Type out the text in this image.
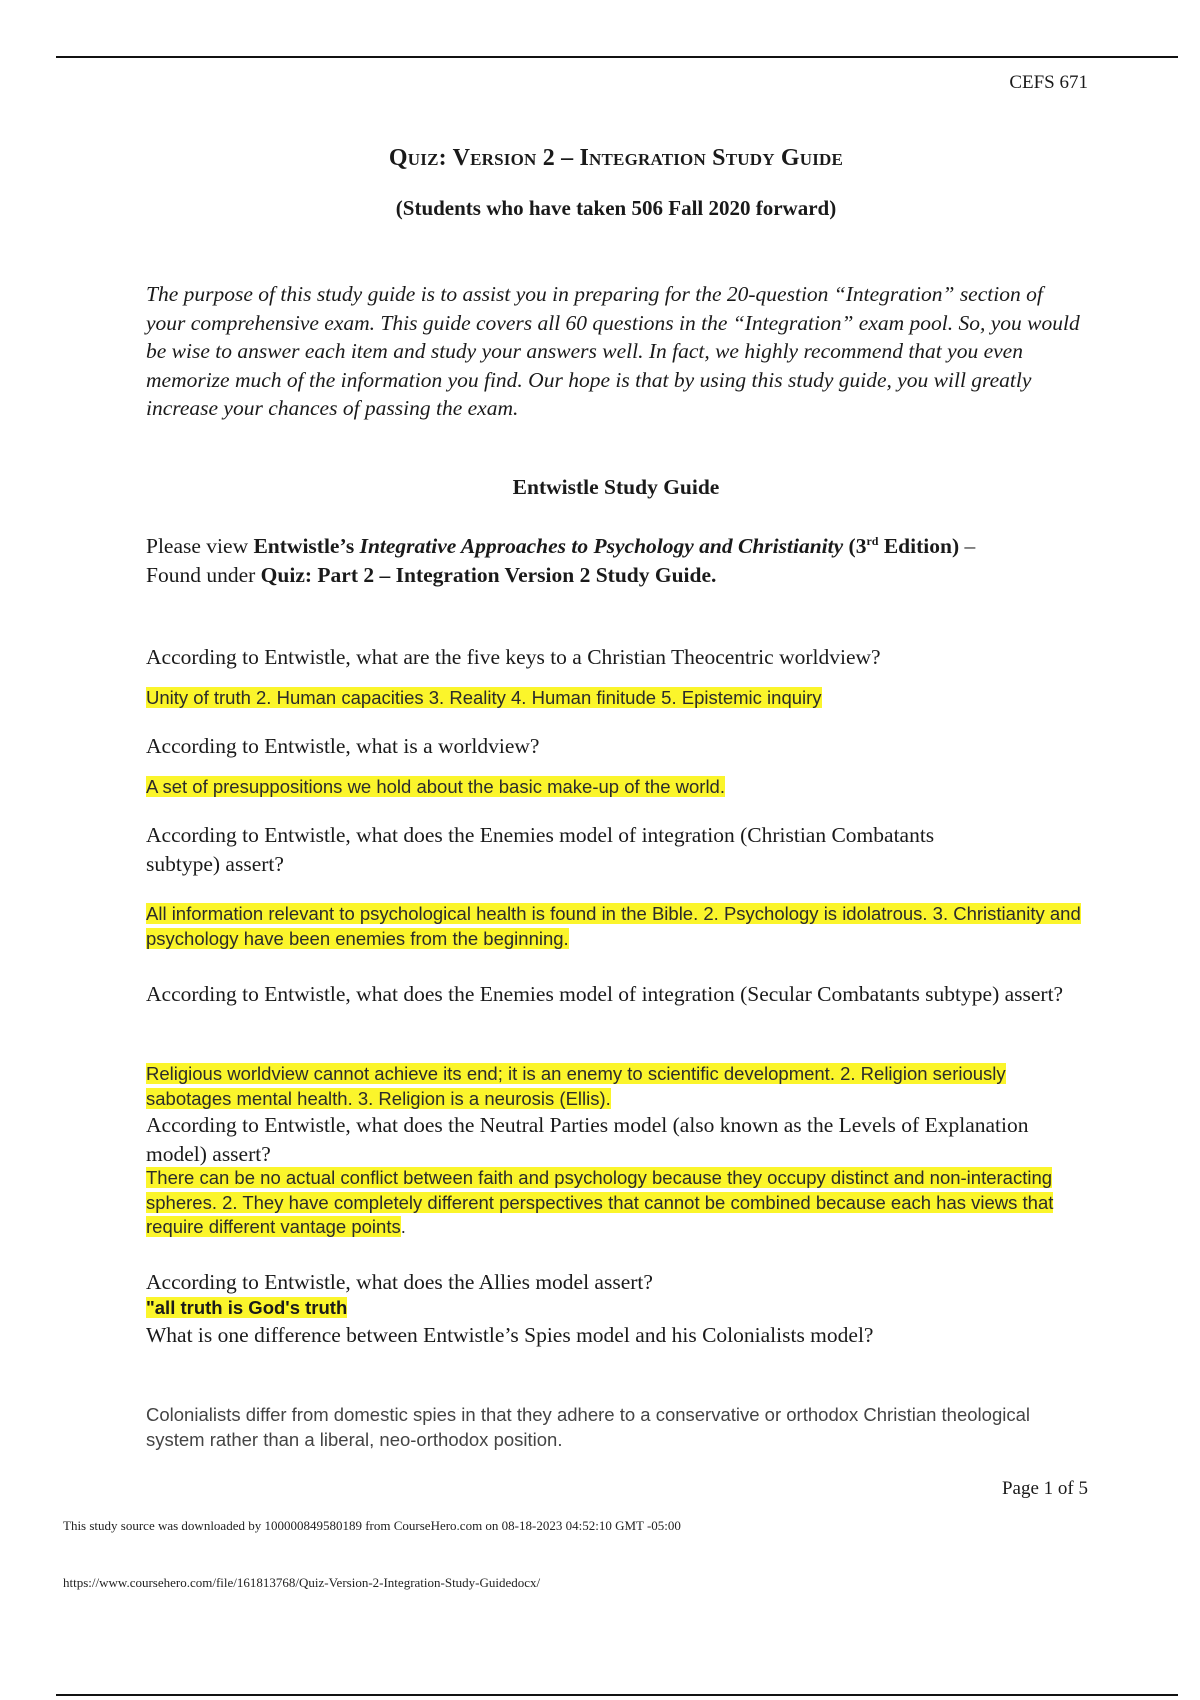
CEFS 671
Quiz: Version 2 – Integration Study Guide
(Students who have taken 506 Fall 2020 forward)

The purpose of this study guide is to assist you in preparing for the 20-question “Integration” section of your comprehensive exam. This guide covers all 60 questions in the “Integration” exam pool. So, you would be wise to answer each item and study your answers well. In fact, we highly recommend that you even memorize much of the information you find. Our hope is that by using this study guide, you will greatly increase your chances of passing the exam.

Entwistle Study Guide

Please view Entwistle’s Integrative Approaches to Psychology and Christianity (3rd Edition) –
Found under Quiz: Part 2 – Integration Version 2 Study Guide.

According to Entwistle, what are the five keys to a Christian Theocentric worldview?

Unity of truth 2. Human capacities 3. Reality 4. Human finitude 5. Epistemic inquiry

According to Entwistle, what is a worldview?

A set of presuppositions we hold about the basic make-up of the world.

According to Entwistle, what does the Enemies model of integration (Christian Combatants subtype) assert?

All information relevant to psychological health is found in the Bible. 2. Psychology is idolatrous. 3. Christianity and psychology have been enemies from the beginning.

According to Entwistle, what does the Enemies model of integration (Secular Combatants subtype) assert?

Religious worldview cannot achieve its end; it is an enemy to scientific development. 2. Religion seriously sabotages mental health. 3. Religion is a neurosis (Ellis).

According to Entwistle, what does the Neutral Parties model (also known as the Levels of Explanation model) assert?

There can be no actual conflict between faith and psychology because they occupy distinct and non-interacting spheres. 2. They have completely different perspectives that cannot be combined because each has views that require different vantage points.

According to Entwistle, what does the Allies model assert?

"all truth is God's truth

What is one difference between Entwistle’s Spies model and his Colonialists model?

Colonialists differ from domestic spies in that they adhere to a conservative or orthodox Christian theological system rather than a liberal, neo-orthodox position.

Page 1 of 5
This study source was downloaded by 100000849580189 from CourseHero.com on 08-18-2023 04:52:10 GMT -05:00
https://www.coursehero.com/file/161813768/Quiz-Version-2-Integration-Study-Guidedocx/
